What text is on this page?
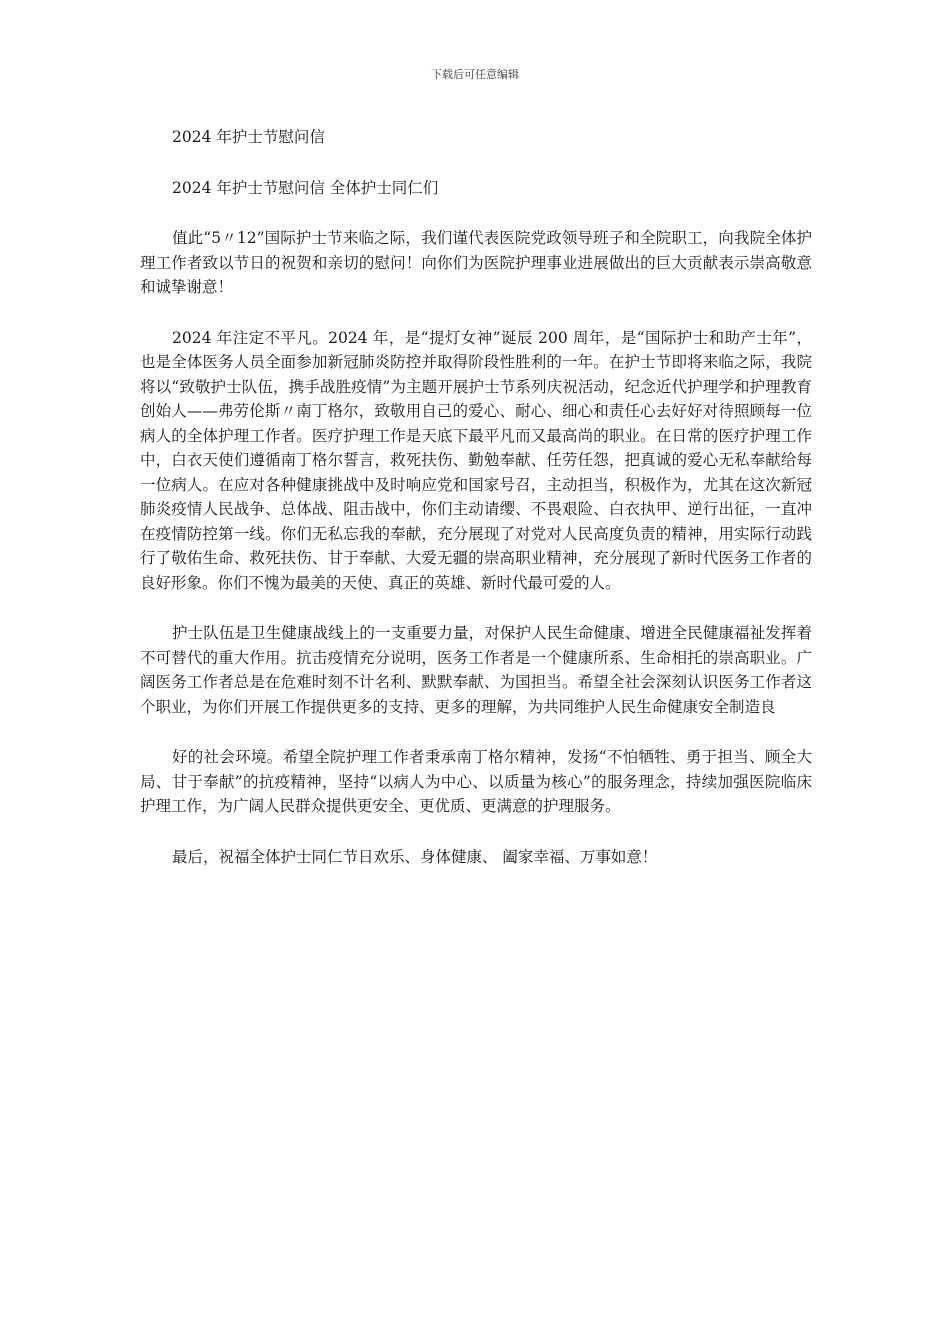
下载后可任意编辑

2024 年护士节慰问信

2024 年护士节慰问信 全体护士同仁们

值此“5〃12”国际护士节来临之际，我们谨代表医院党政领导班子和全院职工，向我院全体护理工作者致以节日的祝贺和亲切的慰问！向你们为医院护理事业进展做出的巨大贡献表示崇高敬意和诚挚谢意！

2024 年注定不平凡。2024 年，是“提灯女神”诞辰 200 周年，是“国际护士和助产士年”，也是全体医务人员全面参加新冠肺炎防控并取得阶段性胜利的一年。在护士节即将来临之际，我院将以“致敬护士队伍，携手战胜疫情”为主题开展护士节系列庆祝活动，纪念近代护理学和护理教育创始人——弗劳伦斯〃南丁格尔，致敬用自己的爱心、耐心、细心和责任心去好好对待照顾每一位病人的全体护理工作者。医疗护理工作是天底下最平凡而又最高尚的职业。在日常的医疗护理工作中，白衣天使们遵循南丁格尔誓言，救死扶伤、勤勉奉献、任劳任怨，把真诚的爱心无私奉献给每一位病人。在应对各种健康挑战中及时响应党和国家号召，主动担当，积极作为，尤其在这次新冠肺炎疫情人民战争、总体战、阻击战中，你们主动请缨、不畏艰险、白衣执甲、逆行出征，一直冲在疫情防控第一线。你们无私忘我的奉献，充分展现了对党对人民高度负责的精神，用实际行动践行了敬佑生命、救死扶伤、甘于奉献、大爱无疆的崇高职业精神，充分展现了新时代医务工作者的良好形象。你们不愧为最美的天使、真正的英雄、新时代最可爱的人。

护士队伍是卫生健康战线上的一支重要力量，对保护人民生命健康、增进全民健康福祉发挥着不可替代的重大作用。抗击疫情充分说明，医务工作者是一个健康所系、生命相托的崇高职业。广阔医务工作者总是在危难时刻不计名利、默默奉献、为国担当。希望全社会深刻认识医务工作者这个职业，为你们开展工作提供更多的支持、更多的理解，为共同维护人民生命健康安全制造良

好的社会环境。希望全院护理工作者秉承南丁格尔精神，发扬“不怕牺牲、勇于担当、顾全大局、甘于奉献”的抗疫精神，坚持“以病人为中心、以质量为核心”的服务理念，持续加强医院临床护理工作，为广阔人民群众提供更安全、更优质、更满意的护理服务。

最后，祝福全体护士同仁节日欢乐、身体健康、 阖家幸福、万事如意！
